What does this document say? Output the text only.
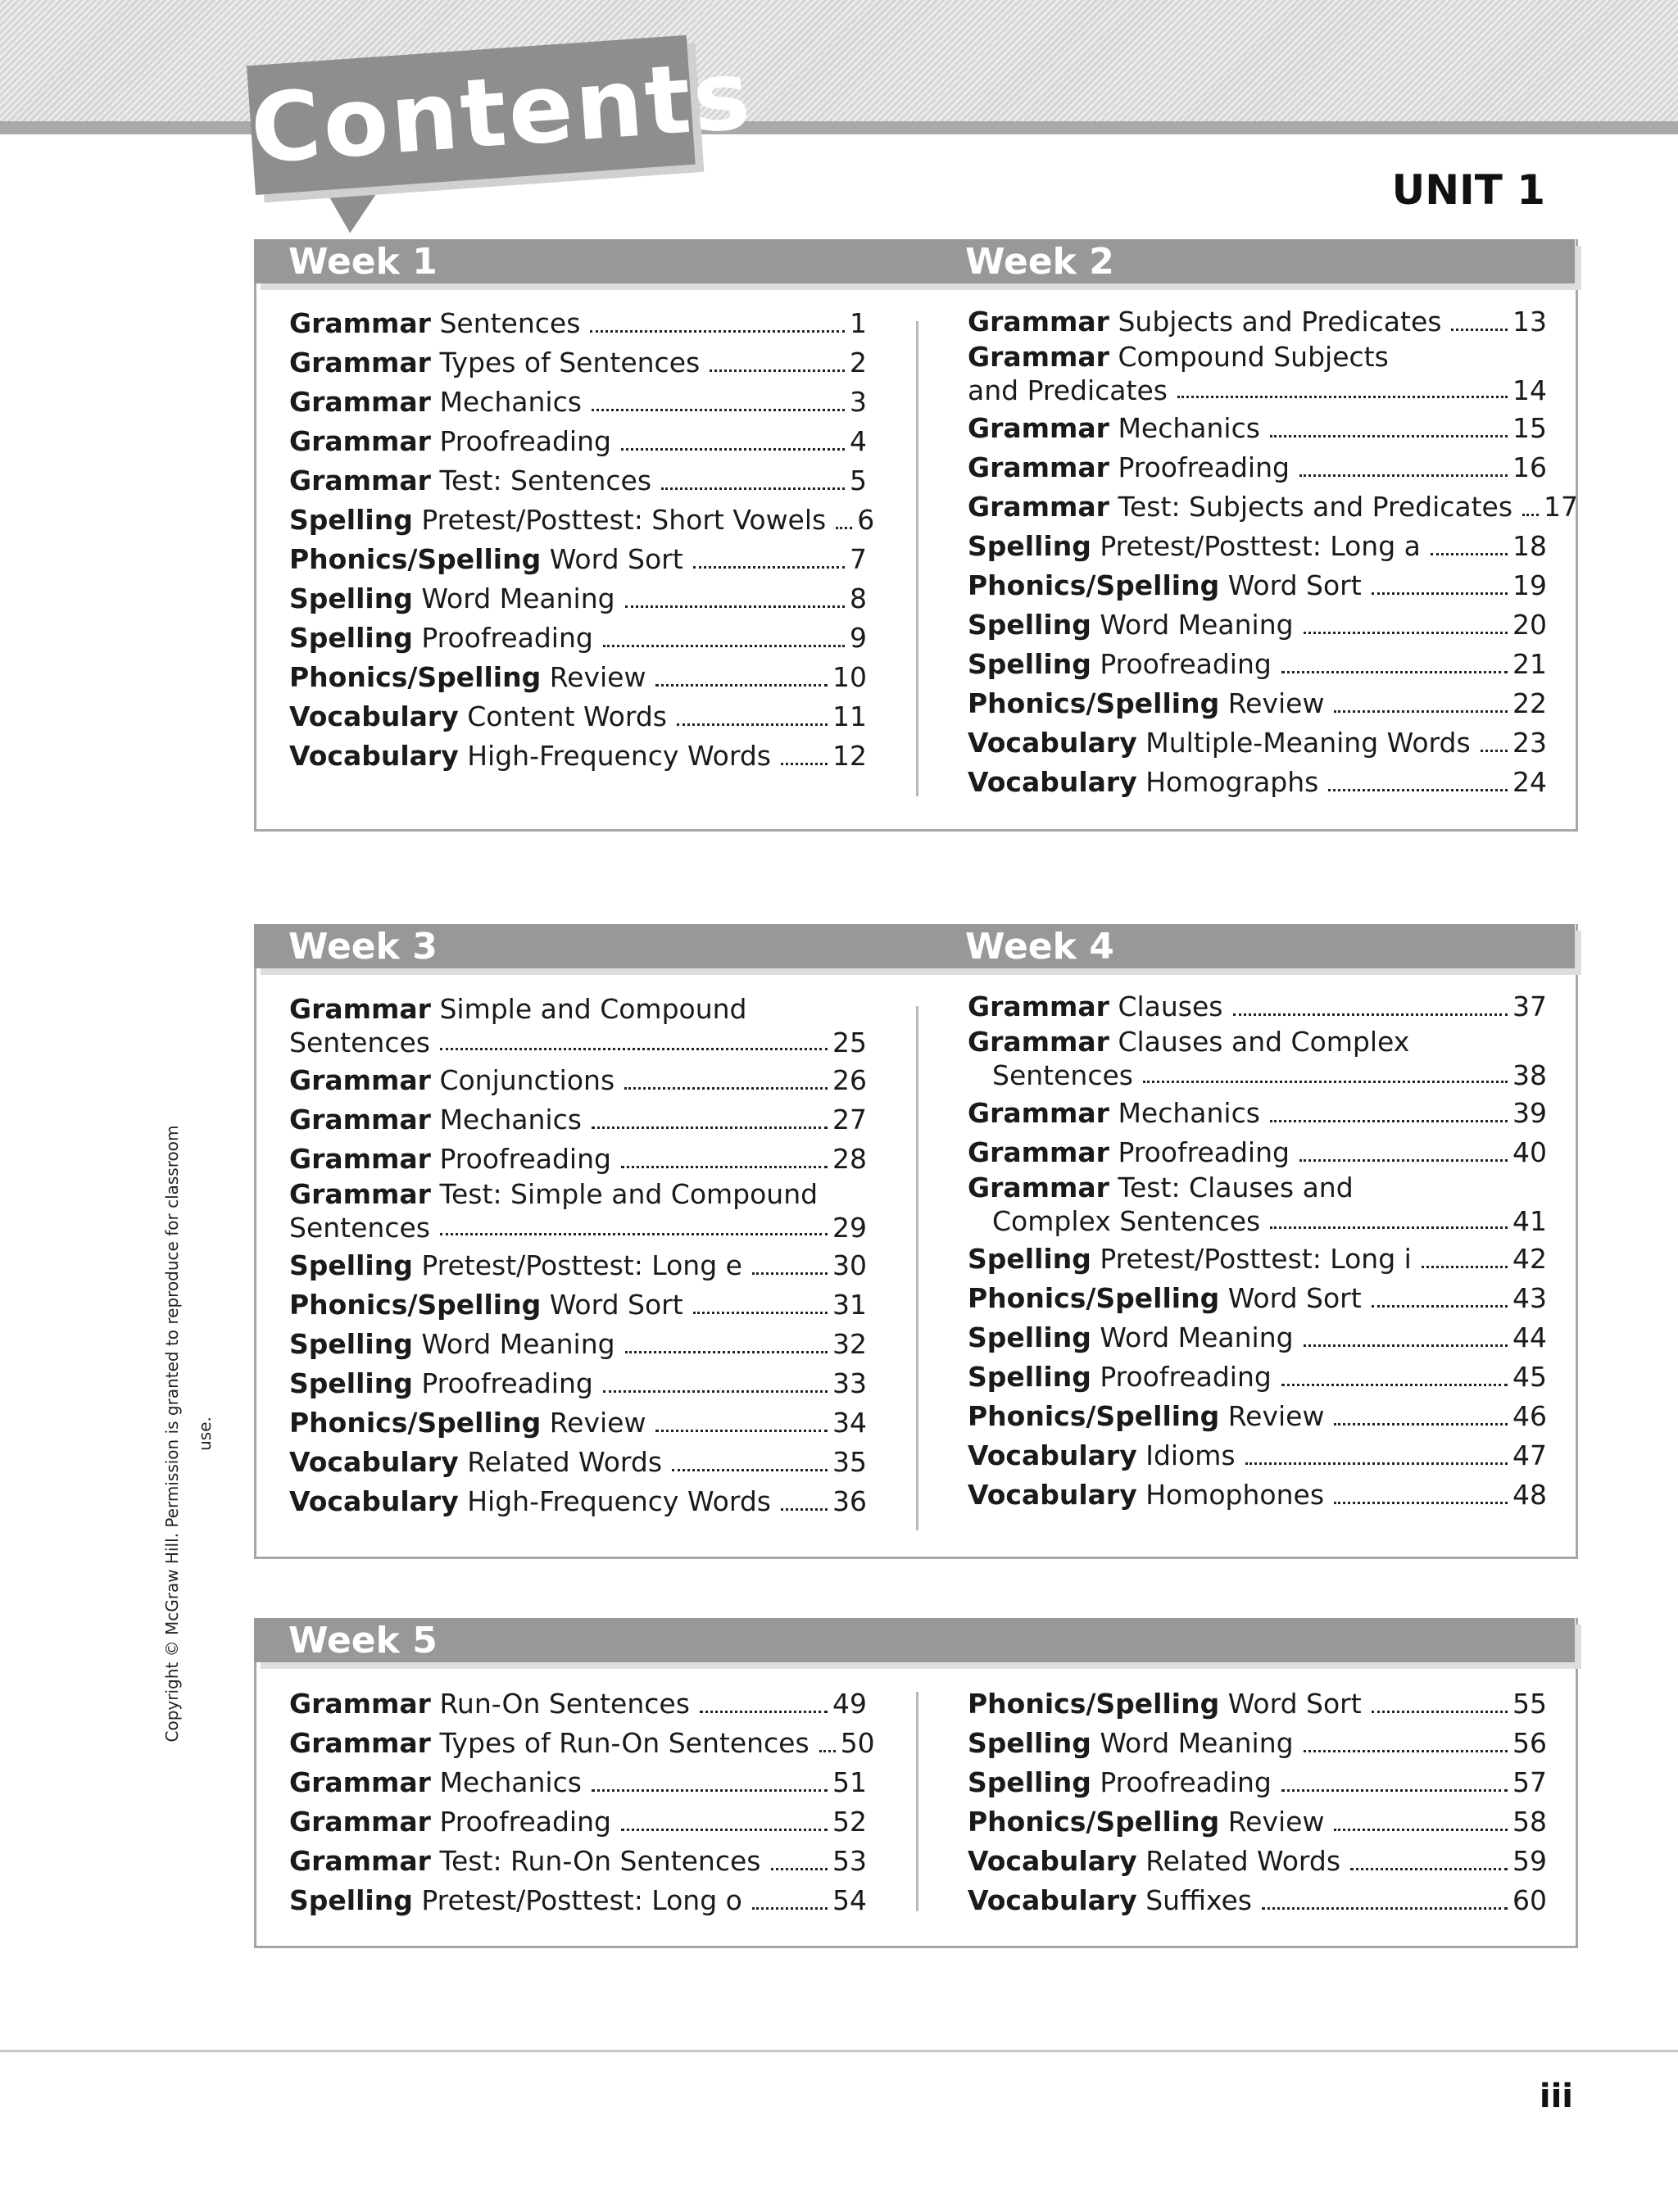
Contents
UNIT 1
Week 1	Week 2
Grammar Sentences	1
Grammar Types of Sentences	2
Grammar Mechanics	3
Grammar Proofreading	4
Grammar Test: Sentences	5
Spelling Pretest/Posttest: Short Vowels 6
Phonics/Spelling Word Sort	7
Spelling Word Meaning	8
Spelling Proofreading	9
Phonics/Spelling Review	10
Vocabulary Content Words	11
Vocabulary High-Frequency Words 12
Grammar Subjects and Predicates	13
Grammar Compound Subjects
and Predicates	14
Grammar Mechanics	15
Grammar Proofreading	16
Grammar Test: Subjects and Predicates 17
Spelling Pretest/Posttest: Long a	18
Phonics/Spelling Word Sort	19
Spelling Word Meaning	20
Spelling Proofreading	21
Phonics/Spelling Review	22
Vocabulary Multiple-Meaning Words 23
Vocabulary Homographs	24
Week 3	Week 4
Grammar Simple and Compound
Sentences	25
Grammar Conjunctions	26
Grammar Mechanics	27
Grammar Proofreading	28
Grammar Test: Simple and Compound
Sentences	29
Spelling Pretest/Posttest: Long e	30
Phonics/Spelling Word Sort	31
Spelling Word Meaning	32
Spelling Proofreading	33
Phonics/Spelling Review	34
Vocabulary Related Words	35
Vocabulary High-Frequency Words 36
Grammar Clauses	37
Grammar Clauses and Complex
Sentences	38
Grammar Mechanics	39
Grammar Proofreading	40
Grammar Test: Clauses and
Complex Sentences	41
Spelling Pretest/Posttest: Long i	42
Phonics/Spelling Word Sort	43
Spelling Word Meaning	44
Spelling Proofreading	45
Phonics/Spelling Review	46
Vocabulary Idioms	47
Vocabulary Homophones	48
Week 5
Grammar Run-On Sentences	49
Grammar Types of Run-On Sentences 50
Grammar Mechanics	51
Grammar Proofreading	52
Grammar Test: Run-On Sentences	53
Spelling Pretest/Posttest: Long o	54
Phonics/Spelling Word Sort	55
Spelling Word Meaning	56
Spelling Proofreading	57
Phonics/Spelling Review	58
Vocabulary Related Words	59
Vocabulary Suffixes	60
Copyright © McGraw Hill. Permission is granted to reproduce for classroom use.
iii
